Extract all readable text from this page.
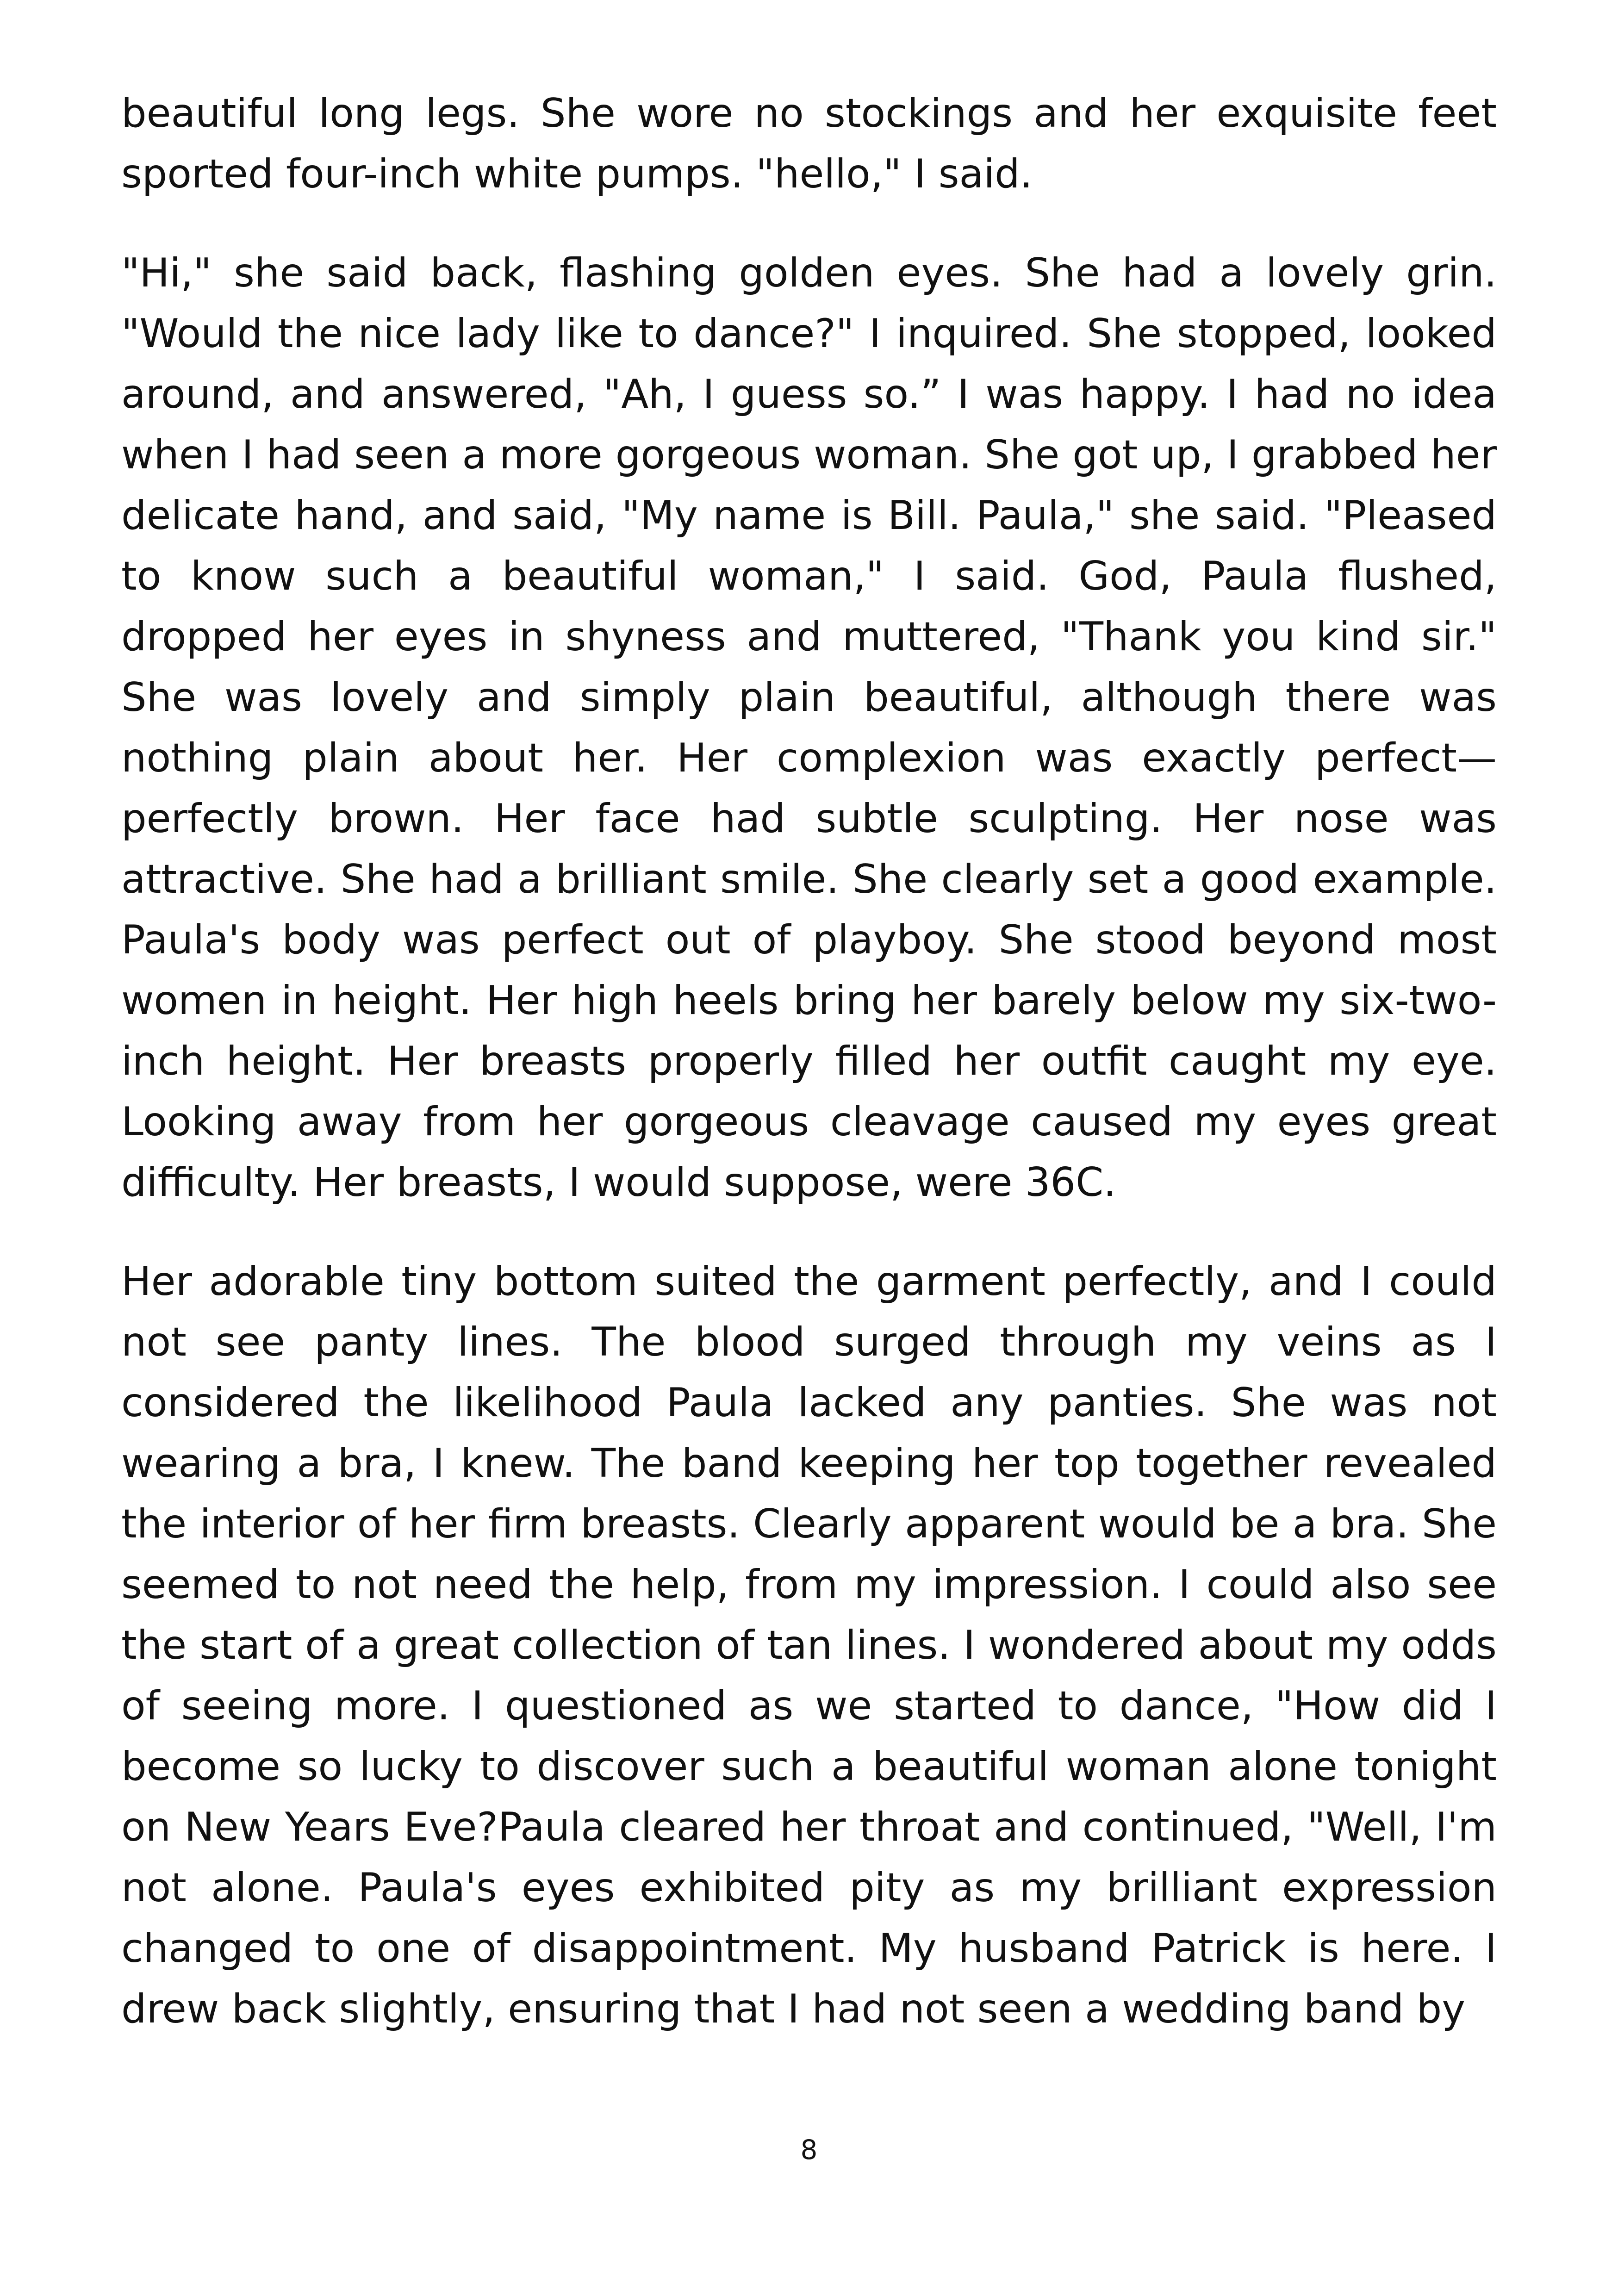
beautiful long legs. She wore no stockings and her exquisite feet sported four-inch white pumps. "hello," I said.

"Hi," she said back, flashing golden eyes. She had a lovely grin. "Would the nice lady like to dance?" I inquired. She stopped, looked around, and answered, "Ah, I guess so.” I was happy. I had no idea when I had seen a more gorgeous woman. She got up, I grabbed her delicate hand, and said, "My name is Bill. Paula," she said. "Pleased to know such a beautiful woman," I said. God, Paula flushed, dropped her eyes in shyness and muttered, "Thank you kind sir." She was lovely and simply plain beautiful, although there was nothing plain about her. Her complexion was exactly perfect—perfectly brown. Her face had subtle sculpting. Her nose was attractive. She had a brilliant smile. She clearly set a good example. Paula's body was perfect out of playboy. She stood beyond most women in height. Her high heels bring her barely below my six-two-inch height. Her breasts properly filled her outfit caught my eye. Looking away from her gorgeous cleavage caused my eyes great difficulty. Her breasts, I would suppose, were 36C.

Her adorable tiny bottom suited the garment perfectly, and I could not see panty lines. The blood surged through my veins as I considered the likelihood Paula lacked any panties. She was not wearing a bra, I knew. The band keeping her top together revealed the interior of her firm breasts. Clearly apparent would be a bra. She seemed to not need the help, from my impression. I could also see the start of a great collection of tan lines. I wondered about my odds of seeing more. I questioned as we started to dance, "How did I become so lucky to discover such a beautiful woman alone tonight on New Years Eve?Paula cleared her throat and continued, "Well, I'm not alone. Paula's eyes exhibited pity as my brilliant expression changed to one of disappointment. My husband Patrick is here. I drew back slightly, ensuring that I had not seen a wedding band by

8
